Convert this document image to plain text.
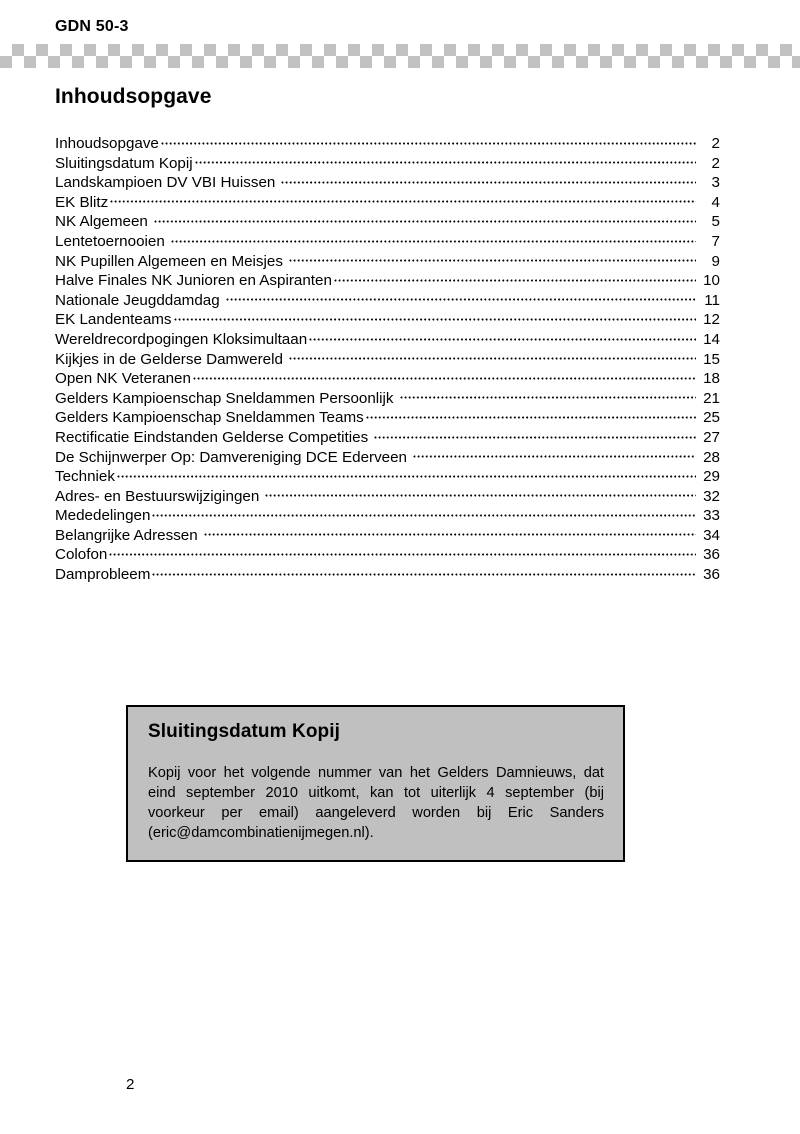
GDN 50-3
Inhoudsopgave
Inhoudsopgave	2
Sluitingsdatum Kopij	2
Landskampioen DV VBI Huissen	3
EK Blitz	4
NK Algemeen	5
Lentetoernooien	7
NK Pupillen Algemeen en Meisjes	9
Halve Finales NK Junioren en Aspiranten	10
Nationale Jeugddamdag	11
EK Landenteams	12
Wereldrecordpogingen Kloksimultaan	14
Kijkjes in de Gelderse Damwereld	15
Open NK Veteranen	18
Gelders Kampioenschap Sneldammen Persoonlijk	21
Gelders Kampioenschap Sneldammen Teams	25
Rectificatie Eindstanden Gelderse Competities	27
De Schijnwerper Op: Damvereniging DCE Ederveen	28
Techniek	29
Adres- en Bestuurswijzigingen	32
Mededelingen	33
Belangrijke Adressen	34
Colofon	36
Damprobleem	36
Sluitingsdatum Kopij
Kopij voor het volgende nummer van het Gelders Damnieuws, dat eind september 2010 uitkomt, kan tot uiterlijk 4 september (bij voorkeur per email) aangeleverd worden bij Eric Sanders (eric@damcombinatienijmegen.nl).
2
